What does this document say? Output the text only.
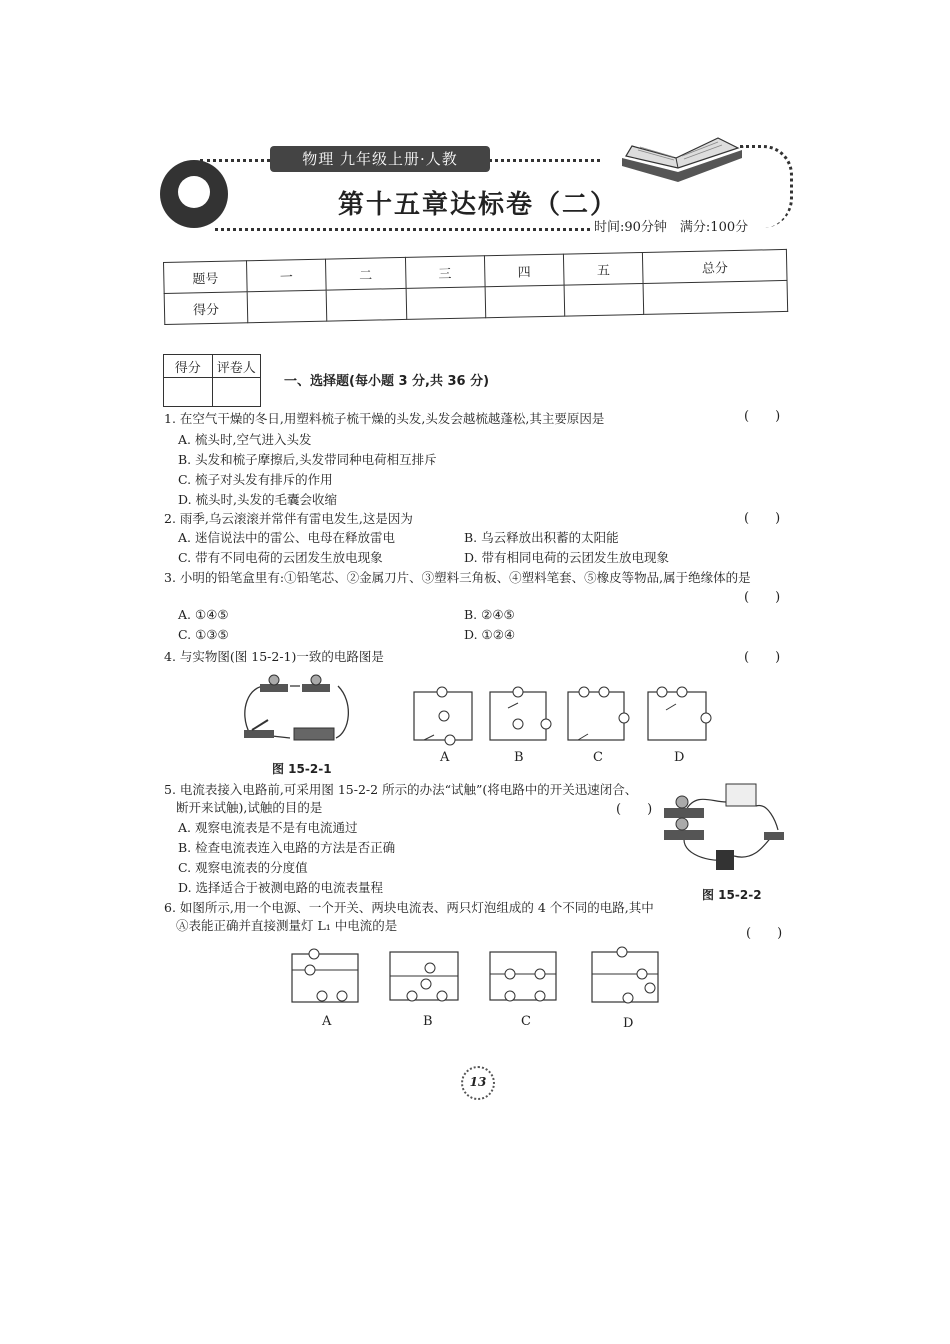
物理 九年级上册·人教
第十五章达标卷（二）
时间:90分钟　满分:100分
题号	一	二	三	四	五	总分
得分						
得分	评卷人

一、选择题(每小题 3 分,共 36 分)
1. 在空气干燥的冬日,用塑料梳子梳干燥的头发,头发会越梳越蓬松,其主要原因是	(　　)
A. 梳头时,空气进入头发
B. 头发和梳子摩擦后,头发带同种电荷相互排斥
C. 梳子对头发有排斥的作用
D. 梳头时,头发的毛囊会收缩
2. 雨季,乌云滚滚并常伴有雷电发生,这是因为	(　　)
A. 迷信说法中的雷公、电母在释放雷电	B. 乌云释放出积蓄的太阳能
C. 带有不同电荷的云团发生放电现象	D. 带有相同电荷的云团发生放电现象
3. 小明的铅笔盒里有:①铅笔芯、②金属刀片、③塑料三角板、④塑料笔套、⑤橡皮等物品,属于绝缘体的是
(　　)
A. ①④⑤	B. ②④⑤
C. ①③⑤	D. ①②④
4. 与实物图(图 15-2-1)一致的电路图是	(　　)
图 15-2-1
A	B	C	D
5. 电流表接入电路前,可采用图 15-2-2 所示的办法“试触”(将电路中的开关迅速闭合、
断开来试触),试触的目的是	(　　)
A. 观察电流表是不是有电流通过
B. 检查电流表连入电路的方法是否正确
C. 观察电流表的分度值
D. 选择适合于被测电路的电流表量程	图 15-2-2
6. 如图所示,用一个电源、一个开关、两块电流表、两只灯泡组成的 4 个不同的电路,其中
Ⓐ表能正确并直接测量灯 L₁ 中电流的是
(　　)
A	B	C	D
13
